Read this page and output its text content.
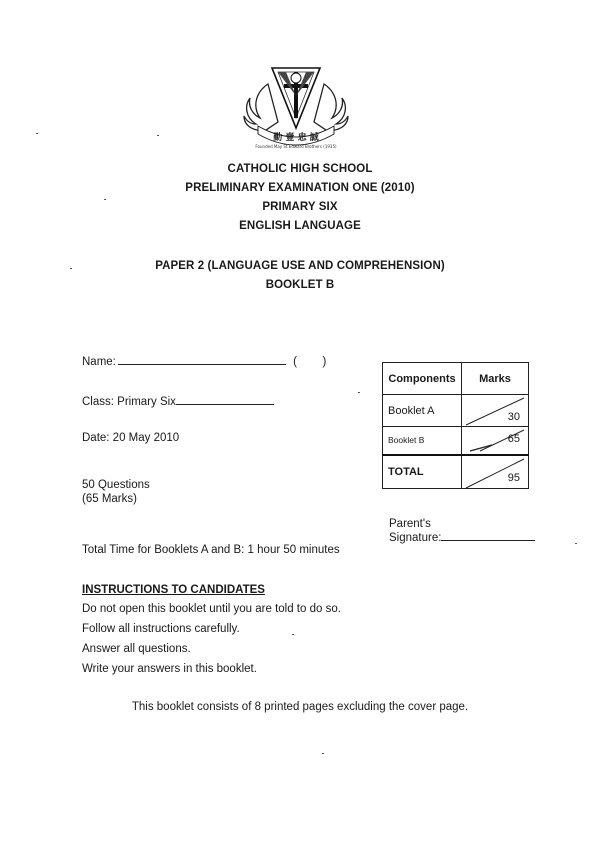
勤 壹 忠 誠
Founded May St Edward Brothers (1935)
CATHOLIC HIGH SCHOOL
PRELIMINARY EXAMINATION ONE (2010)
PRIMARY SIX
ENGLISH LANGUAGE
PAPER 2 (LANGUAGE USE AND COMPREHENSION)
BOOKLET B
Name:	(        )
Class: Primary Six
Date: 20 May 2010
50 Questions
(65 Marks)
Total Time for Booklets A and B: 1 hour 50 minutes
Components	Marks
Booklet A	30

Booklet B	65

TOTAL	95
Parent's
Signature:
INSTRUCTIONS TO CANDIDATES
Do not open this booklet until you are told to do so.
Follow all instructions carefully.
Answer all questions.
Write your answers in this booklet.
This booklet consists of 8 printed pages excluding the cover page.
